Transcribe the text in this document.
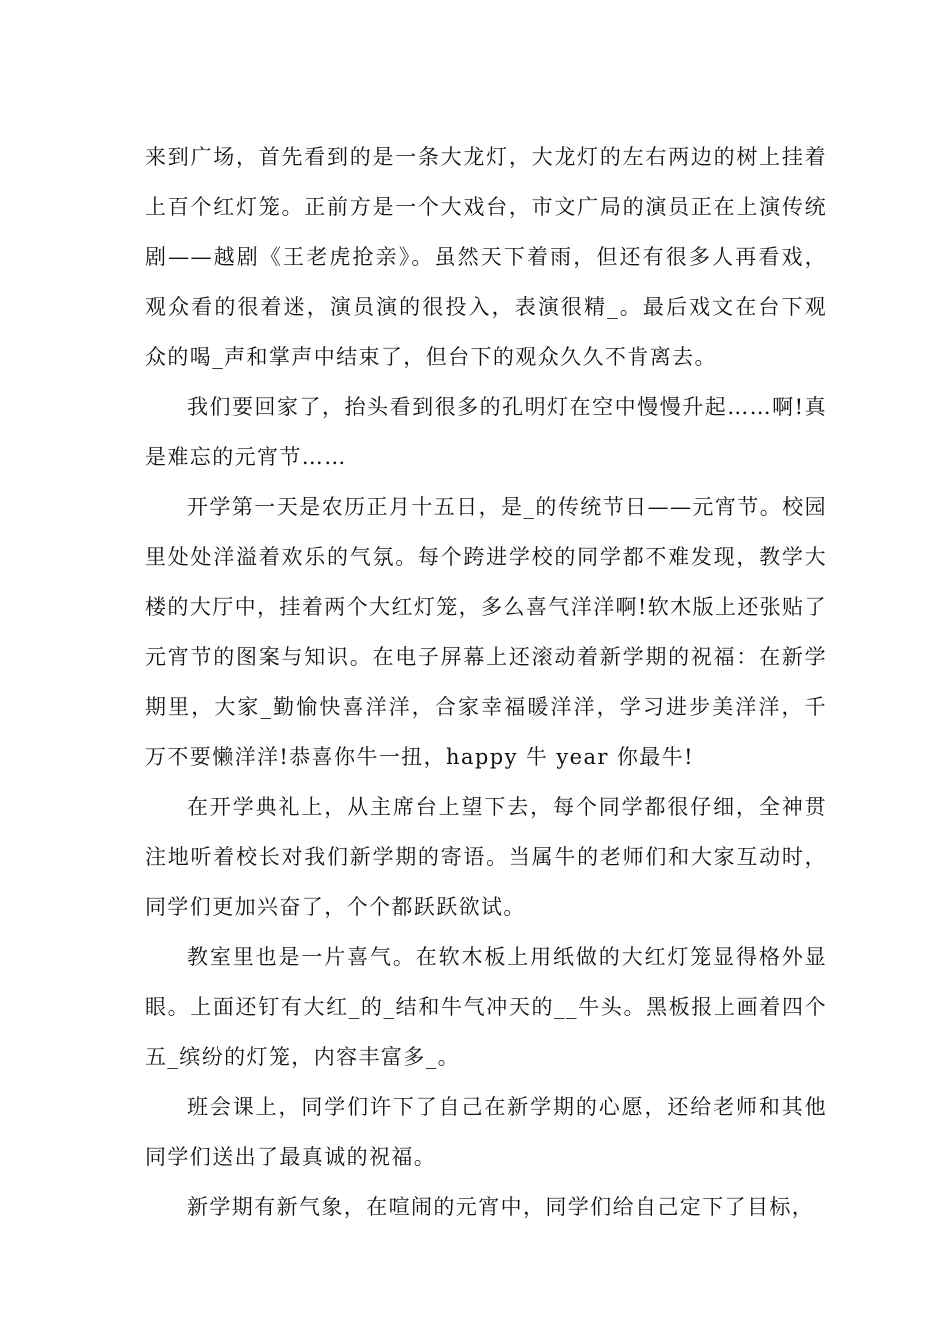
来到广场，首先看到的是一条大龙灯，大龙灯的左右两边的树上挂着上百个红灯笼。正前方是一个大戏台，市文广局的演员正在上演传统剧——越剧《王老虎抢亲》。虽然天下着雨，但还有很多人再看戏，观众看的很着迷，演员演的很投入，表演很精_。最后戏文在台下观众的喝_声和掌声中结束了，但台下的观众久久不肯离去。

我们要回家了，抬头看到很多的孔明灯在空中慢慢升起……啊!真是难忘的元宵节……

开学第一天是农历正月十五日，是_的传统节日——元宵节。校园里处处洋溢着欢乐的气氛。每个跨进学校的同学都不难发现，教学大楼的大厅中，挂着两个大红灯笼，多么喜气洋洋啊!软木版上还张贴了元宵节的图案与知识。在电子屏幕上还滚动着新学期的祝福：在新学期里，大家_勤愉快喜洋洋，合家幸福暖洋洋，学习进步美洋洋，千万不要懒洋洋!恭喜你牛一扭，happy 牛 year 你最牛!

在开学典礼上，从主席台上望下去，每个同学都很仔细，全神贯注地听着校长对我们新学期的寄语。当属牛的老师们和大家互动时，同学们更加兴奋了，个个都跃跃欲试。

教室里也是一片喜气。在软木板上用纸做的大红灯笼显得格外显眼。上面还钉有大红_的_结和牛气冲天的__牛头。黑板报上画着四个五_缤纷的灯笼，内容丰富多_。

班会课上，同学们许下了自己在新学期的心愿，还给老师和其他同学们送出了最真诚的祝福。

新学期有新气象，在喧闹的元宵中，同学们给自己定下了目标，
